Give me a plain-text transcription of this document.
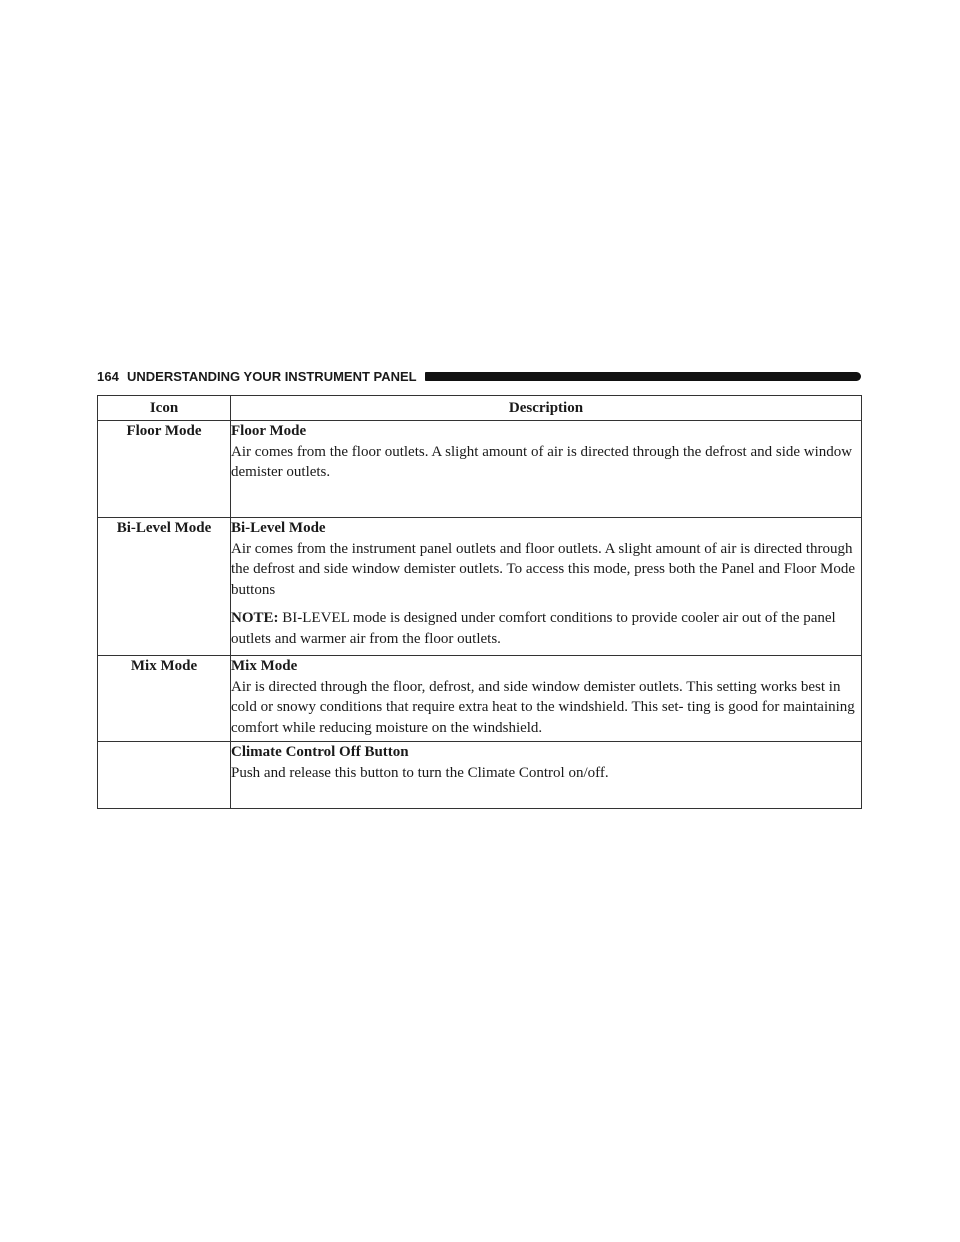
164 UNDERSTANDING YOUR INSTRUMENT PANEL
Icon	Description
Floor Mode	Floor Mode
Air comes from the floor outlets. A slight amount of air is directed through the defrost and side window demister outlets.

Bi-Level Mode	Bi-Level Mode
Air comes from the instrument panel outlets and floor outlets. A slight amount of air is directed through the defrost and side window demister outlets. To access this mode, press both the Panel and Floor Mode buttons
NOTE: BI-LEVEL mode is designed under comfort conditions to provide cooler air out of the panel outlets and warmer air from the floor outlets.

Mix Mode	Mix Mode
Air is directed through the floor, defrost, and side window demister outlets. This setting works best in cold or snowy conditions that require extra heat to the windshield. This set- ting is good for maintaining comfort while reducing moisture on the windshield.

	Climate Control Off Button
Push and release this button to turn the Climate Control on/off.
